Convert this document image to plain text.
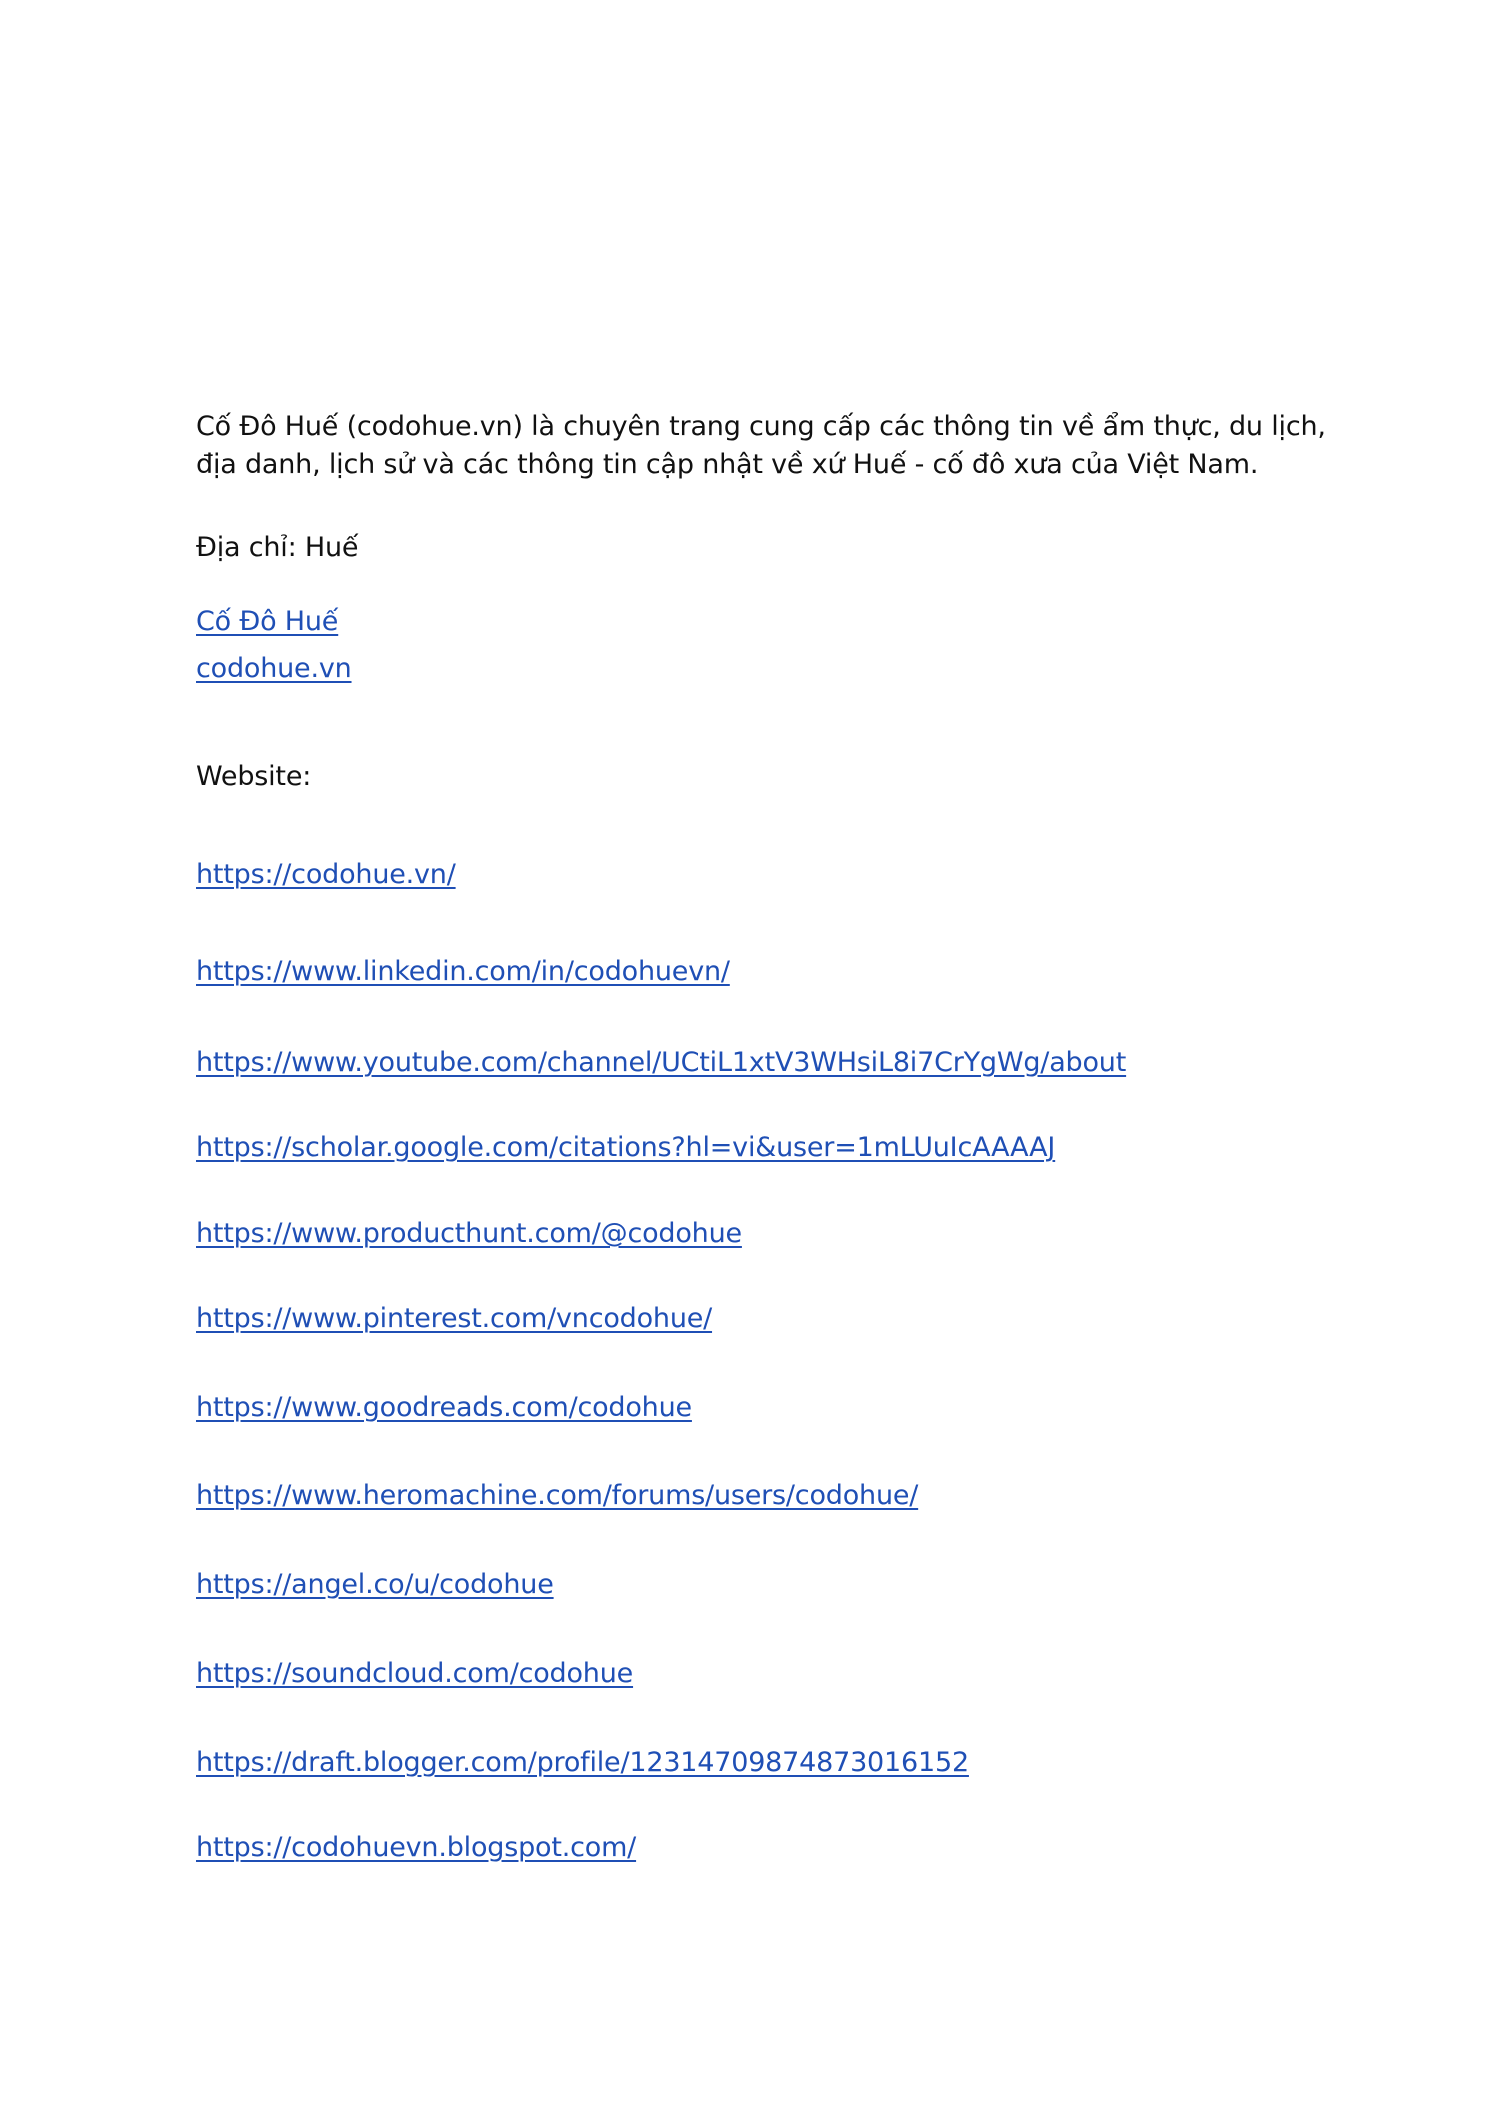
Cố Đô Huế (codohue.vn) là chuyên trang cung cấp các thông tin về ẩm thực, du lịch,
địa danh, lịch sử và các thông tin cập nhật về xứ Huế - cố đô xưa của Việt Nam.
Địa chỉ: Huế
Cố Đô Huế
codohue.vn
Website:
https://codohue.vn/
https://www.linkedin.com/in/codohuevn/
https://www.youtube.com/channel/UCtiL1xtV3WHsiL8i7CrYgWg/about
https://scholar.google.com/citations?hl=vi&user=1mLUuIcAAAAJ
https://www.producthunt.com/@codohue
https://www.pinterest.com/vncodohue/
https://www.goodreads.com/codohue
https://www.heromachine.com/forums/users/codohue/
https://angel.co/u/codohue
https://soundcloud.com/codohue
https://draft.blogger.com/profile/12314709874873016152
https://codohuevn.blogspot.com/
